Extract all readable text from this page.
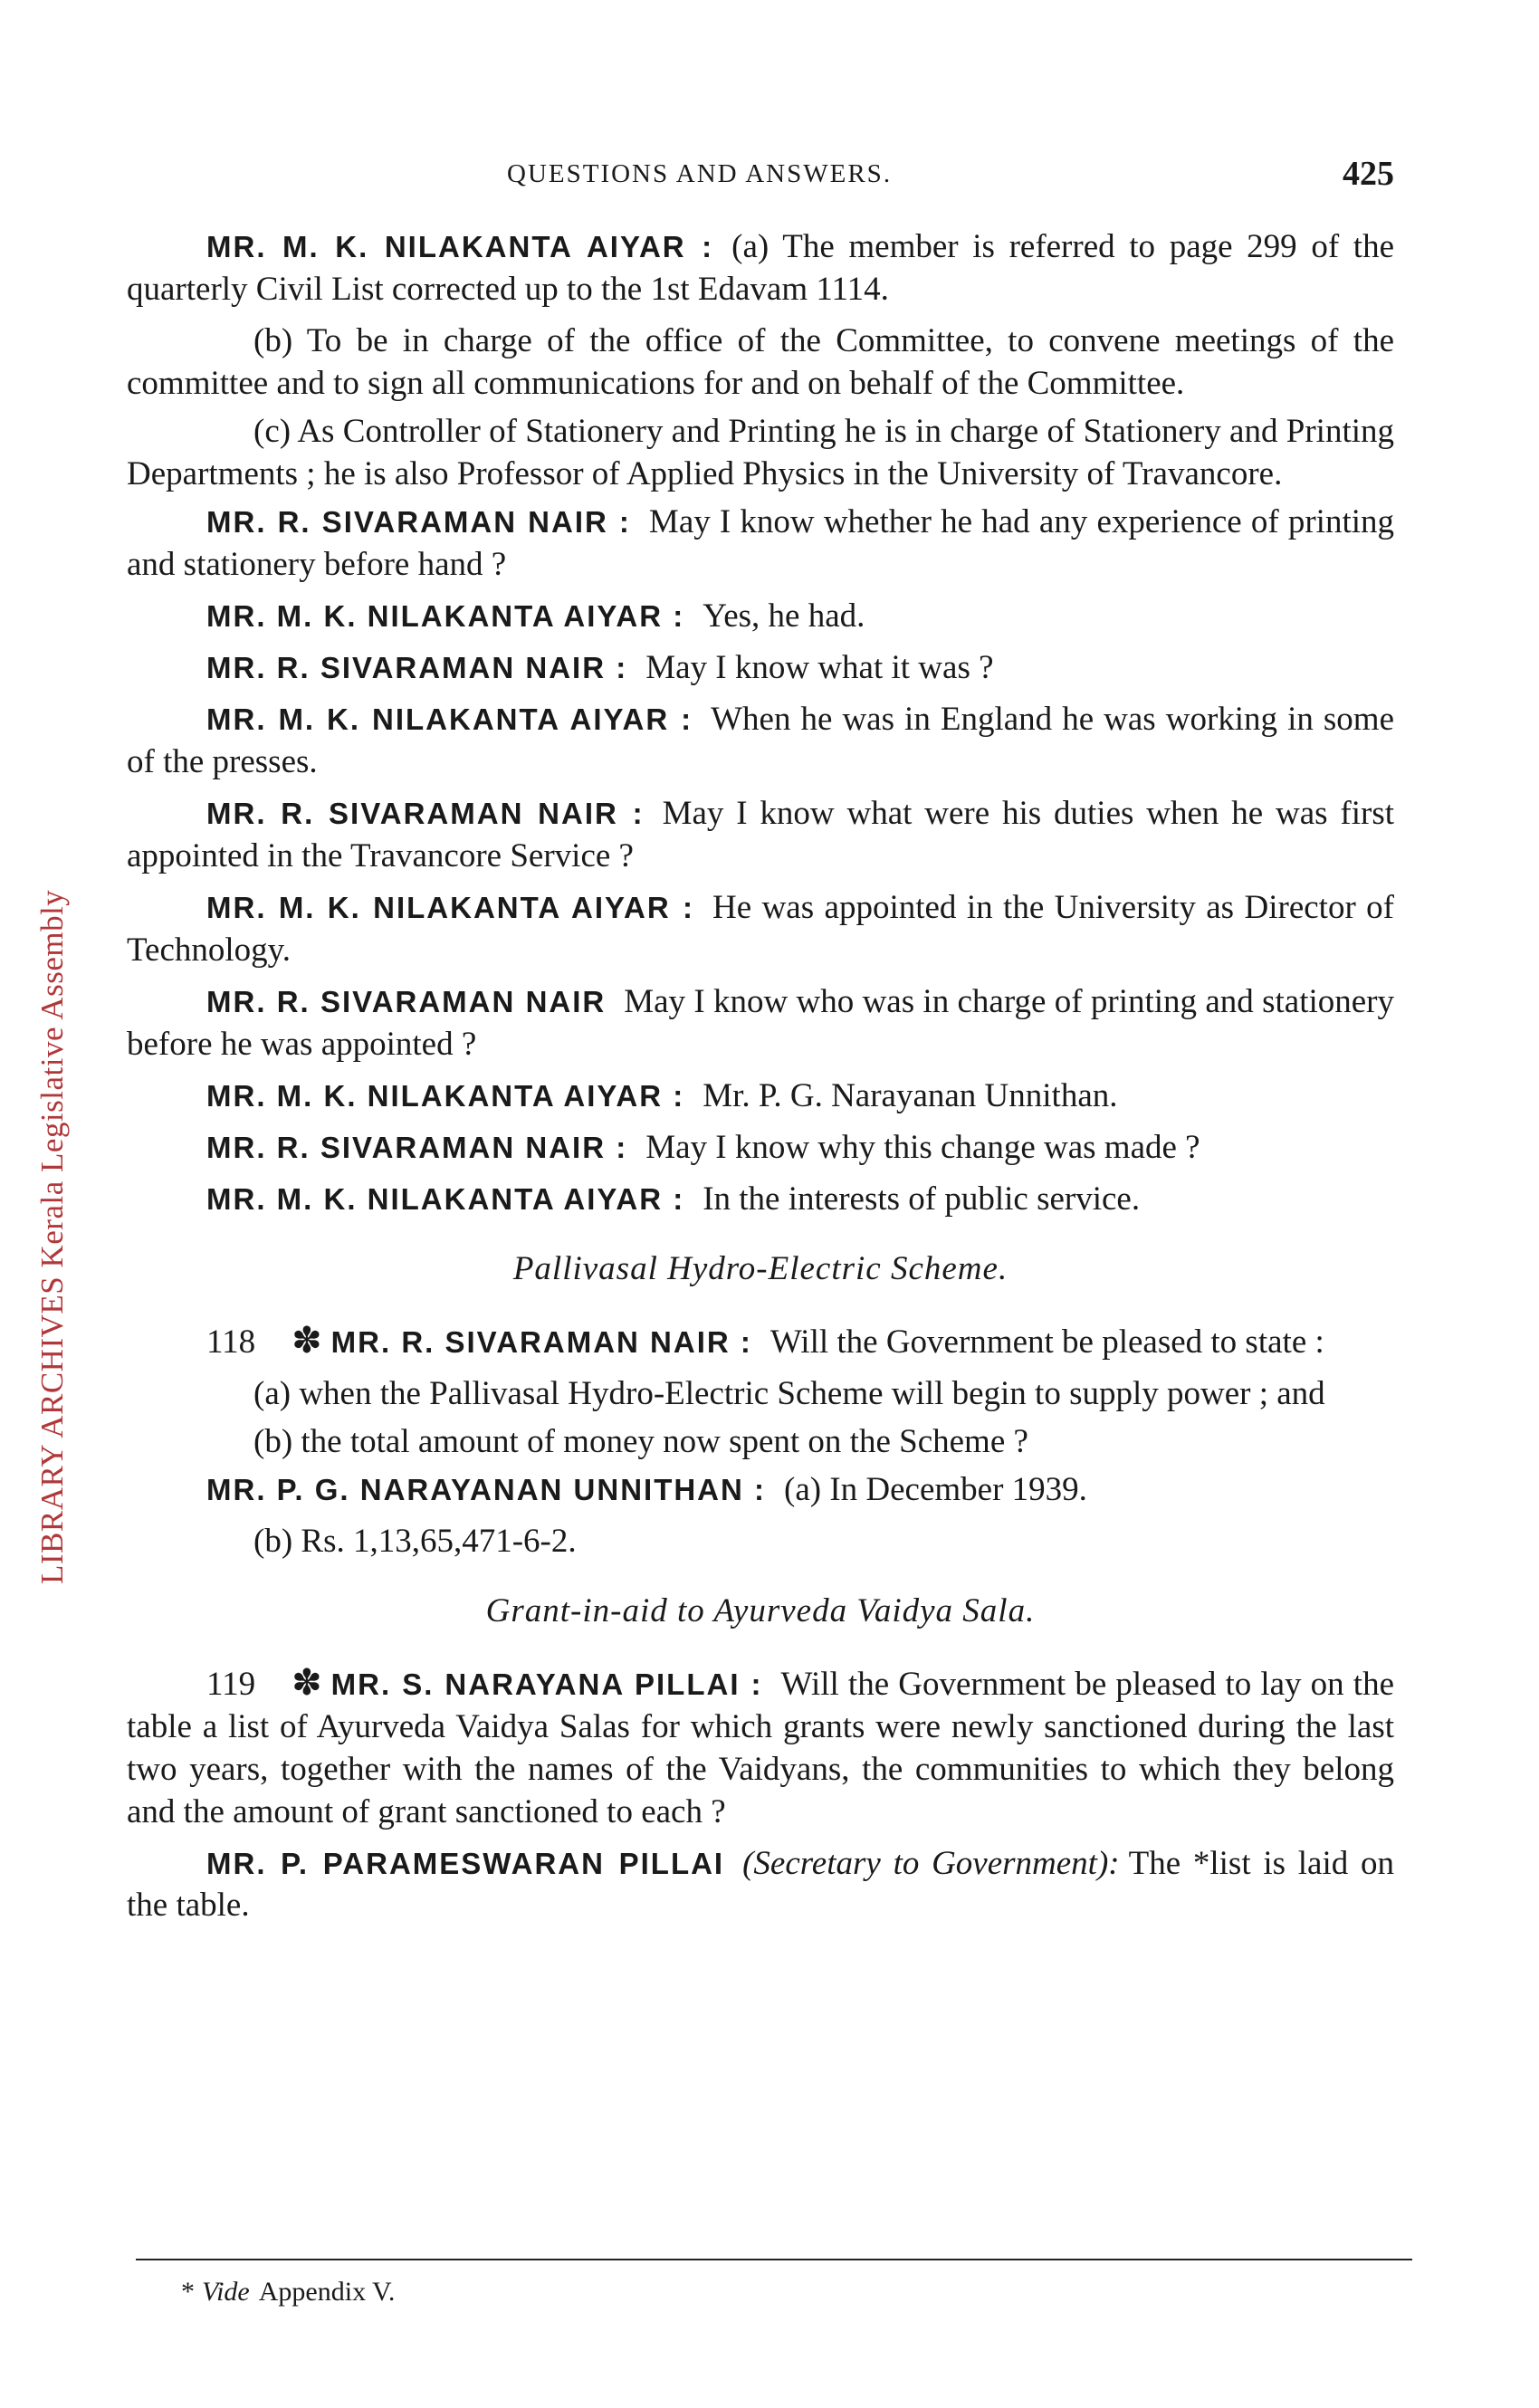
LIBRARY ARCHIVES Kerala Legislative Assembly
QUESTIONS AND ANSWERS.	425

MR. M. K. NILAKANTA AIYAR : (a) The member is referred to page 299 of the quarterly Civil List corrected up to the 1st Edavam 1114.

(b) To be in charge of the office of the Committee, to convene meetings of the committee and to sign all communications for and on behalf of the Committee.

(c) As Controller of Stationery and Printing he is in charge of Stationery and Printing Departments ; he is also Professor of Applied Physics in the University of Travancore.

MR. R. SIVARAMAN NAIR : May I know whether he had any experience of printing and stationery before hand ?

MR. M. K. NILAKANTA AIYAR : Yes, he had.

MR. R. SIVARAMAN NAIR : May I know what it was ?

MR. M. K. NILAKANTA AIYAR : When he was in England he was working in some of the presses.

MR. R. SIVARAMAN NAIR : May I know what were his duties when he was first appointed in the Travancore Service ?

MR. M. K. NILAKANTA AIYAR : He was appointed in the University as Director of Technology.

MR. R. SIVARAMAN NAIR May I know who was in charge of printing and stationery before he was appointed ?

MR. M. K. NILAKANTA AIYAR : Mr. P. G. Narayanan Unnithan.

MR. R. SIVARAMAN NAIR : May I know why this change was made ?

MR. M. K. NILAKANTA AIYAR : In the interests of public service.

Pallivasal Hydro-Electric Scheme.

118 ✽ MR. R. SIVARAMAN NAIR : Will the Government be pleased to state :

(a) when the Pallivasal Hydro-Electric Scheme will begin to supply power ; and

(b) the total amount of money now spent on the Scheme ?

MR. P. G. NARAYANAN UNNITHAN : (a) In December 1939.

(b) Rs. 1,13,65,471-6-2.

Grant-in-aid to Ayurveda Vaidya Sala.

119 ✽ MR. S. NARAYANA PILLAI : Will the Government be pleased to lay on the table a list of Ayurveda Vaidya Salas for which grants were newly sanctioned during the last two years, together with the names of the Vaidyans, the communities to which they belong and the amount of grant sanctioned to each ?

MR. P. PARAMESWARAN PILLAI (Secretary to Government): The *list is laid on the table.

* Vide Appendix V.
